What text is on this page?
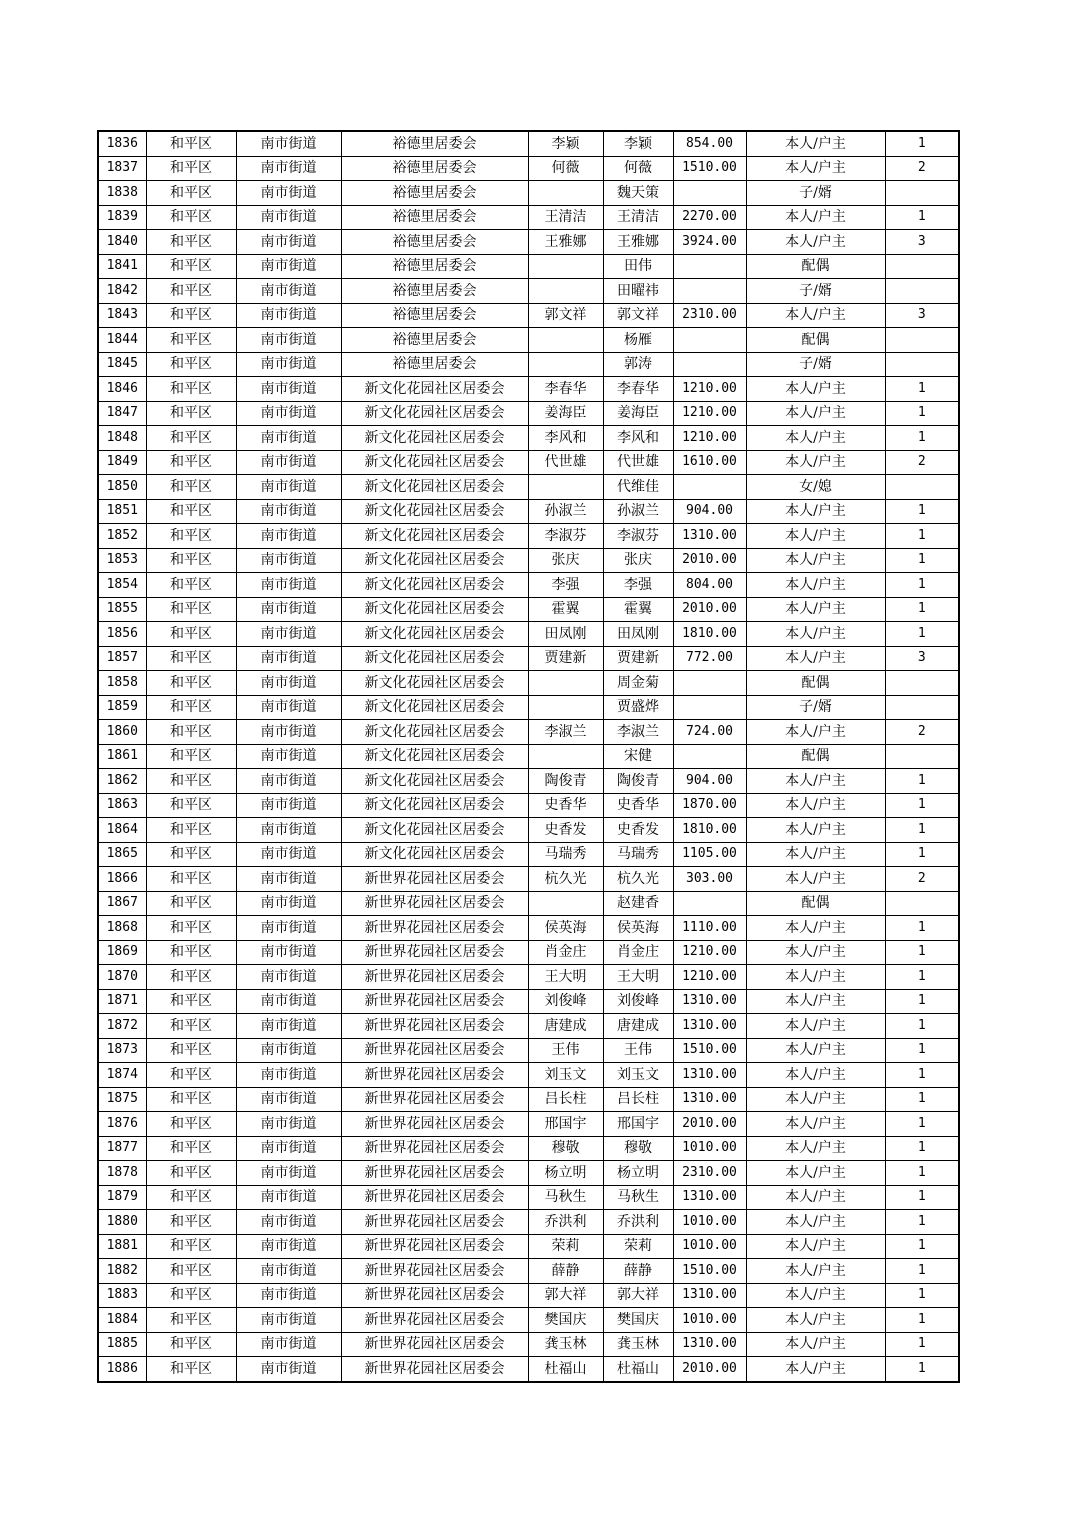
1836	和平区	南市街道	裕德里居委会	李颖	李颖	854.00	本人/户主	1
1837	和平区	南市街道	裕德里居委会	何薇	何薇	1510.00	本人/户主	2
1838	和平区	南市街道	裕德里居委会		魏天策		子/婿	
1839	和平区	南市街道	裕德里居委会	王清洁	王清洁	2270.00	本人/户主	1
1840	和平区	南市街道	裕德里居委会	王雅娜	王雅娜	3924.00	本人/户主	3
1841	和平区	南市街道	裕德里居委会		田伟		配偶	
1842	和平区	南市街道	裕德里居委会		田曜祎		子/婿	
1843	和平区	南市街道	裕德里居委会	郭文祥	郭文祥	2310.00	本人/户主	3
1844	和平区	南市街道	裕德里居委会		杨雁		配偶	
1845	和平区	南市街道	裕德里居委会		郭涛		子/婿	
1846	和平区	南市街道	新文化花园社区居委会	李春华	李春华	1210.00	本人/户主	1
1847	和平区	南市街道	新文化花园社区居委会	姜海臣	姜海臣	1210.00	本人/户主	1
1848	和平区	南市街道	新文化花园社区居委会	李风和	李风和	1210.00	本人/户主	1
1849	和平区	南市街道	新文化花园社区居委会	代世雄	代世雄	1610.00	本人/户主	2
1850	和平区	南市街道	新文化花园社区居委会		代维佳		女/媳	
1851	和平区	南市街道	新文化花园社区居委会	孙淑兰	孙淑兰	904.00	本人/户主	1
1852	和平区	南市街道	新文化花园社区居委会	李淑芬	李淑芬	1310.00	本人/户主	1
1853	和平区	南市街道	新文化花园社区居委会	张庆	张庆	2010.00	本人/户主	1
1854	和平区	南市街道	新文化花园社区居委会	李强	李强	804.00	本人/户主	1
1855	和平区	南市街道	新文化花园社区居委会	霍翼	霍翼	2010.00	本人/户主	1
1856	和平区	南市街道	新文化花园社区居委会	田凤刚	田凤刚	1810.00	本人/户主	1
1857	和平区	南市街道	新文化花园社区居委会	贾建新	贾建新	772.00	本人/户主	3
1858	和平区	南市街道	新文化花园社区居委会		周金菊		配偶	
1859	和平区	南市街道	新文化花园社区居委会		贾盛烨		子/婿	
1860	和平区	南市街道	新文化花园社区居委会	李淑兰	李淑兰	724.00	本人/户主	2
1861	和平区	南市街道	新文化花园社区居委会		宋健		配偶	
1862	和平区	南市街道	新文化花园社区居委会	陶俊青	陶俊青	904.00	本人/户主	1
1863	和平区	南市街道	新文化花园社区居委会	史香华	史香华	1870.00	本人/户主	1
1864	和平区	南市街道	新文化花园社区居委会	史香发	史香发	1810.00	本人/户主	1
1865	和平区	南市街道	新文化花园社区居委会	马瑞秀	马瑞秀	1105.00	本人/户主	1
1866	和平区	南市街道	新世界花园社区居委会	杭久光	杭久光	303.00	本人/户主	2
1867	和平区	南市街道	新世界花园社区居委会		赵建香		配偶	
1868	和平区	南市街道	新世界花园社区居委会	侯英海	侯英海	1110.00	本人/户主	1
1869	和平区	南市街道	新世界花园社区居委会	肖金庄	肖金庄	1210.00	本人/户主	1
1870	和平区	南市街道	新世界花园社区居委会	王大明	王大明	1210.00	本人/户主	1
1871	和平区	南市街道	新世界花园社区居委会	刘俊峰	刘俊峰	1310.00	本人/户主	1
1872	和平区	南市街道	新世界花园社区居委会	唐建成	唐建成	1310.00	本人/户主	1
1873	和平区	南市街道	新世界花园社区居委会	王伟	王伟	1510.00	本人/户主	1
1874	和平区	南市街道	新世界花园社区居委会	刘玉文	刘玉文	1310.00	本人/户主	1
1875	和平区	南市街道	新世界花园社区居委会	吕长柱	吕长柱	1310.00	本人/户主	1
1876	和平区	南市街道	新世界花园社区居委会	邢国宇	邢国宇	2010.00	本人/户主	1
1877	和平区	南市街道	新世界花园社区居委会	穆敬	穆敬	1010.00	本人/户主	1
1878	和平区	南市街道	新世界花园社区居委会	杨立明	杨立明	2310.00	本人/户主	1
1879	和平区	南市街道	新世界花园社区居委会	马秋生	马秋生	1310.00	本人/户主	1
1880	和平区	南市街道	新世界花园社区居委会	乔洪利	乔洪利	1010.00	本人/户主	1
1881	和平区	南市街道	新世界花园社区居委会	荣莉	荣莉	1010.00	本人/户主	1
1882	和平区	南市街道	新世界花园社区居委会	薛静	薛静	1510.00	本人/户主	1
1883	和平区	南市街道	新世界花园社区居委会	郭大祥	郭大祥	1310.00	本人/户主	1
1884	和平区	南市街道	新世界花园社区居委会	樊国庆	樊国庆	1010.00	本人/户主	1
1885	和平区	南市街道	新世界花园社区居委会	龚玉林	龚玉林	1310.00	本人/户主	1
1886	和平区	南市街道	新世界花园社区居委会	杜福山	杜福山	2010.00	本人/户主	1
